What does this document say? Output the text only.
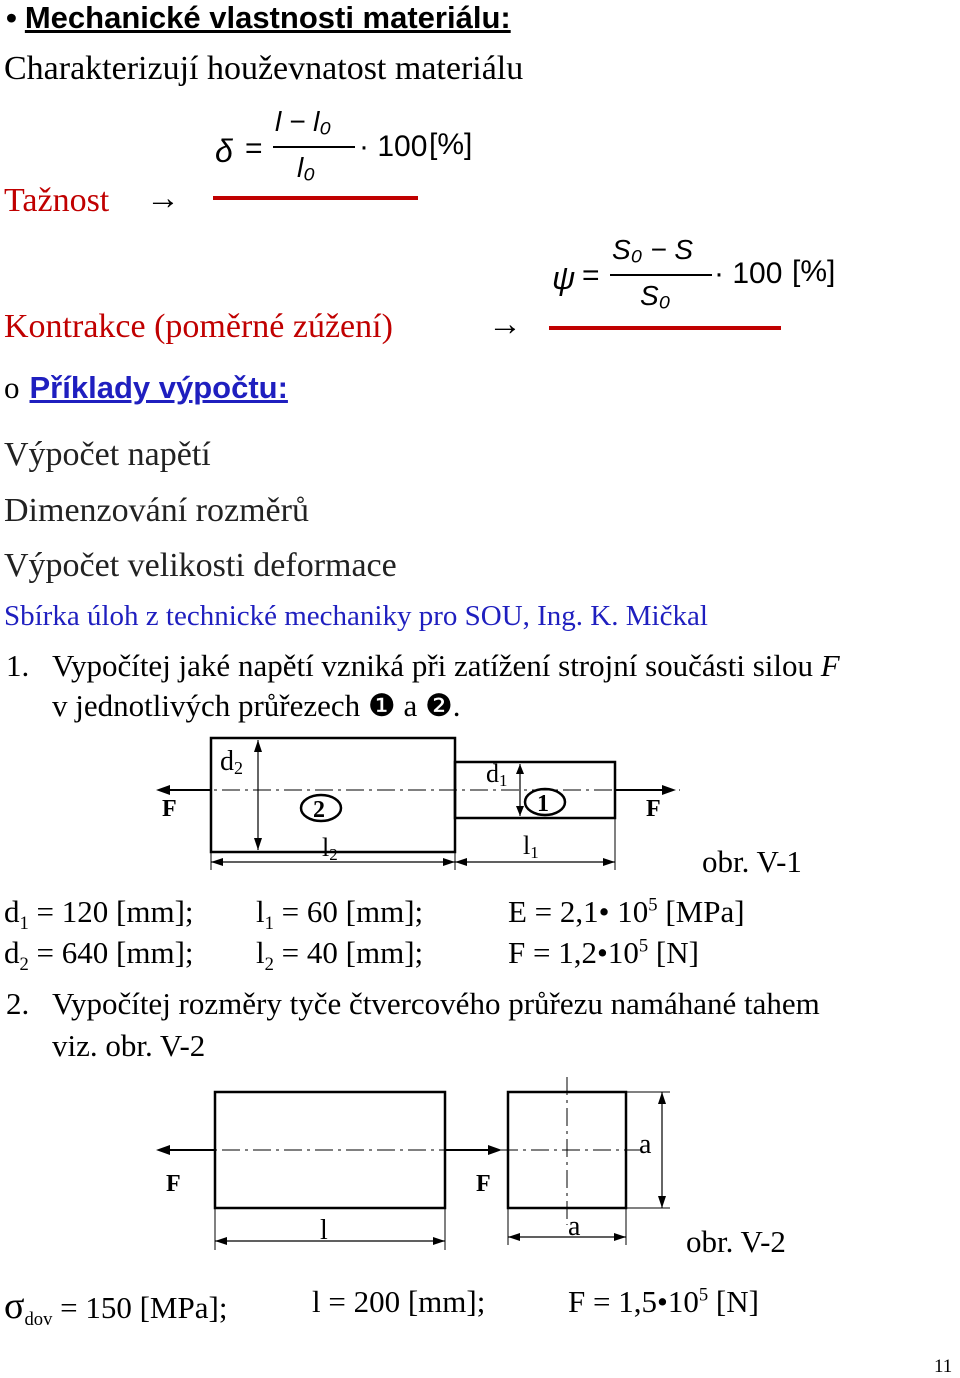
• Mechanické vlastnosti materiálu:
Charakterizují houževnatost materiálu
Tažnost →
δ =
l − l₀
l₀
· 100 [%]
ψ =
S₀ − S
S₀
· 100 [%]
Kontrakce (poměrné zúžení)	→
o Příklady výpočtu:
Výpočet napětí
Dimenzování rozměrů
Výpočet velikosti deformace
Sbírka úloh z technické mechaniky pro SOU, Ing. K. Mičkal
1. Vypočítej jaké napětí vzniká při zatížení strojní součásti silou F
v jednotlivých průřezech ❶ a ❷.
F	F
d2	d1
2	1
l2	l1	obr. V-1
$d_1 = 120$ [mm]; $l_1 = 60$ [mm];	E = 2,1• $10^5$ [MPa]
$d_2 = 640$ [mm]; $l_2 = 40$ [mm];	$F = 1,2•10^5$ [N]
2. Vypočítej rozměry tyče čtvercového průřezu namáhané tahem
viz. obr. V-2
F	F
l
a
a	obr. V-2
$\sigma_{dov} = 150$ [MPa];	l = 200 [mm];	$F = 1,5•10^5$ [N]
11
